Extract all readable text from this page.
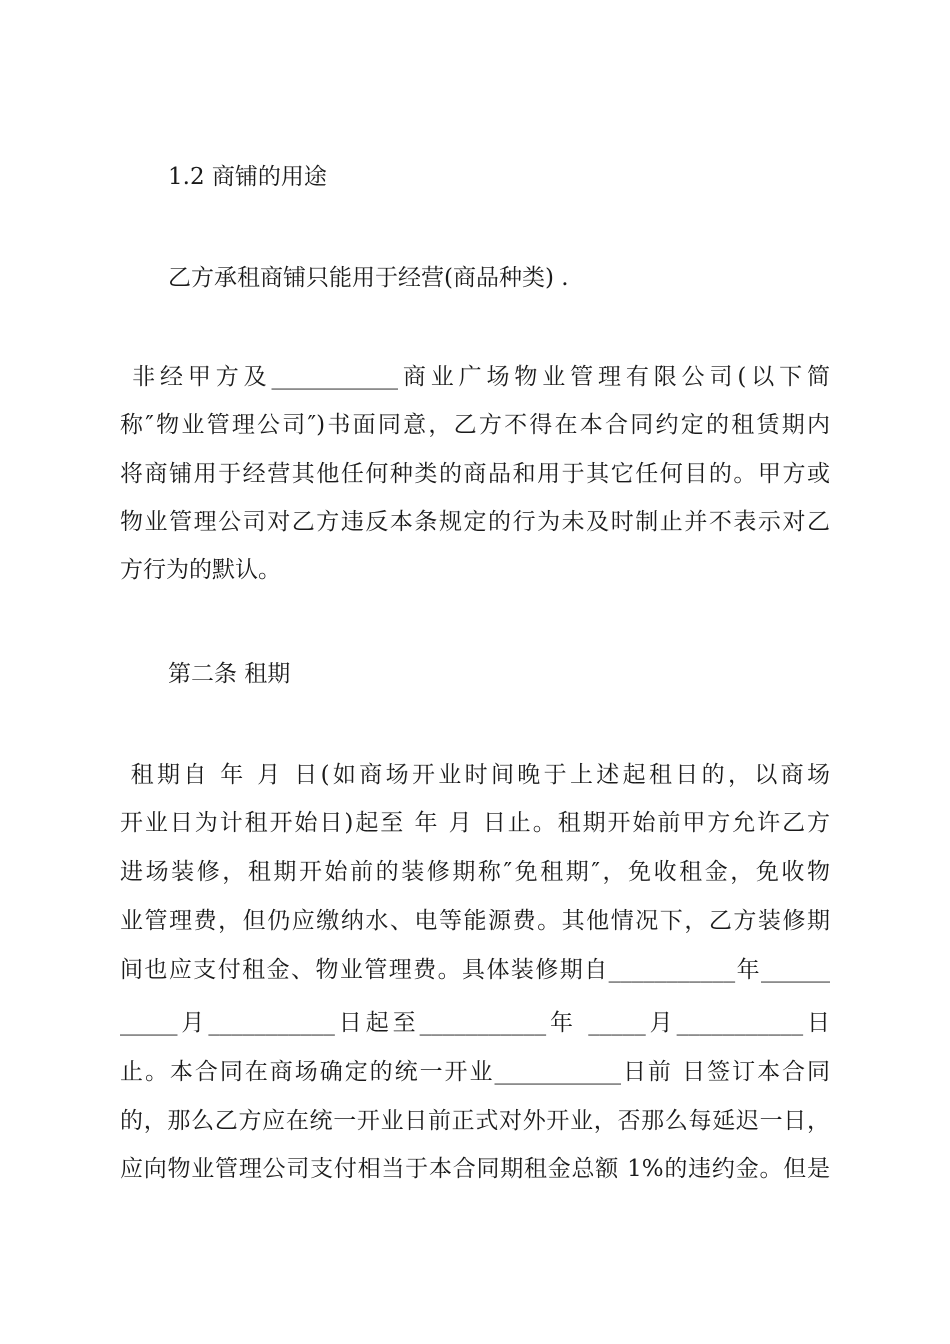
1.2 商铺的用途
乙方承租商铺只能用于经营(商品种类) .
非经甲方及___________商业广场物业管理有限公司(以下简
称″物业管理公司″)书面同意，乙方不得在本合同约定的租赁期内
将商铺用于经营其他任何种类的商品和用于其它任何目的。甲方或
物业管理公司对乙方违反本条规定的行为未及时制止并不表示对乙
方行为的默认。
第二条 租期
租期自 年 月 日(如商场开业时间晚于上述起租日的，以商场
开业日为计租开始日)起至 年 月 日止。租期开始前甲方允许乙方
进场装修，租期开始前的装修期称″免租期″，免收租金，免收物
业管理费，但仍应缴纳水、电等能源费。其他情况下，乙方装修期
间也应支付租金、物业管理费。具体装修期自___________年______
_____月___________日起至___________年 _____月___________日
止。本合同在商场确定的统一开业___________日前 日签订本合同
的，那么乙方应在统一开业日前正式对外开业，否那么每延迟一日，
应向物业管理公司支付相当于本合同期租金总额 1%的违约金。但是
